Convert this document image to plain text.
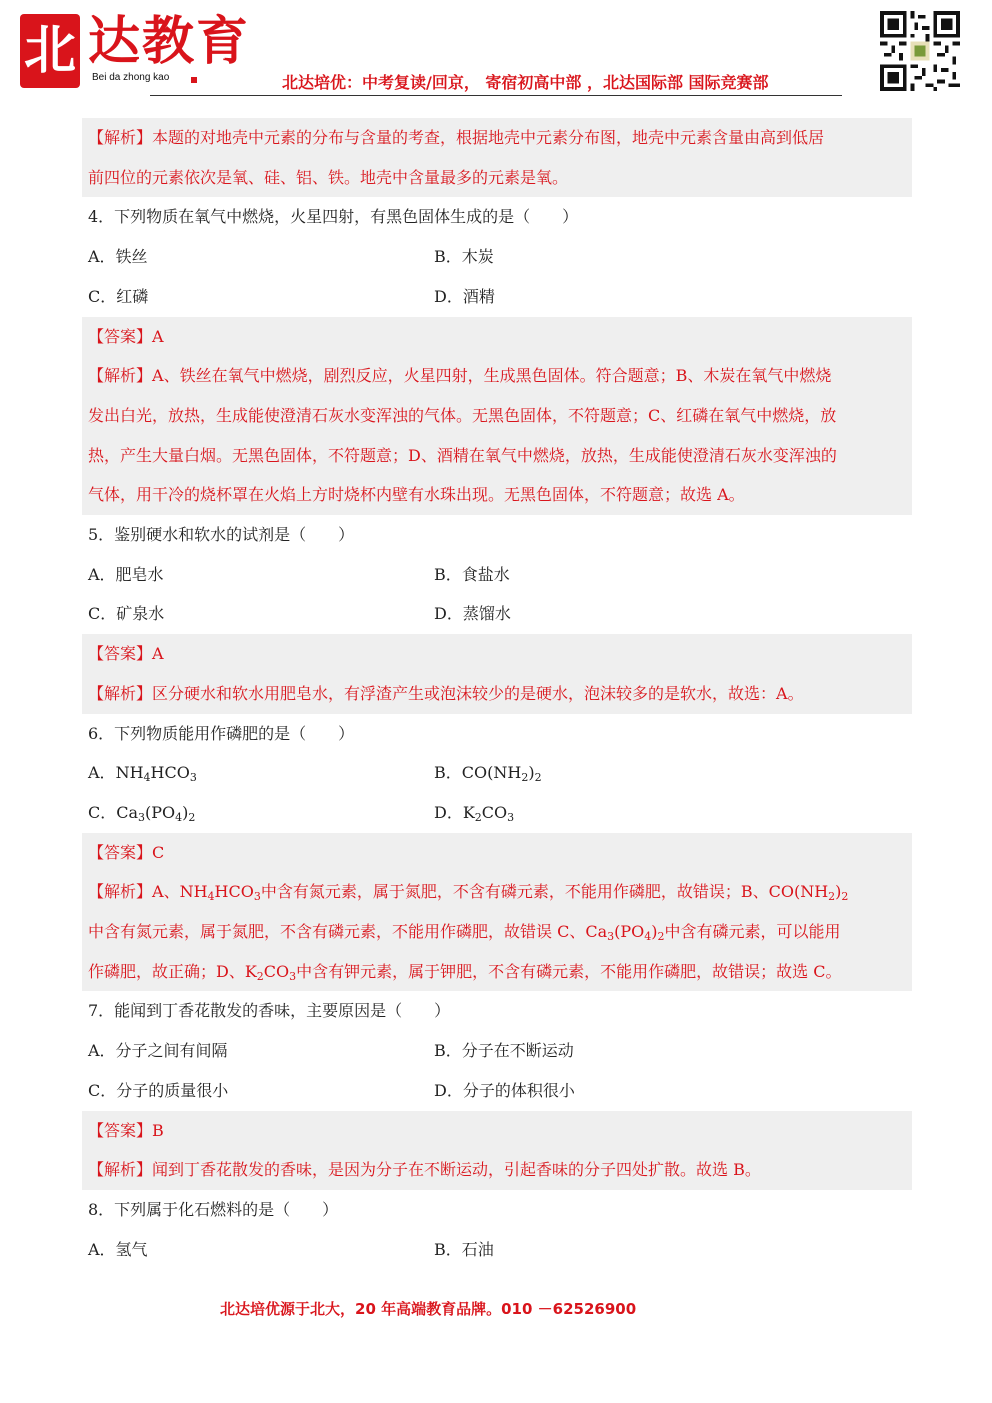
北 达教育
Bei da zhong kao	北达培优：中考复读/回京， 寄宿初高中部 ，北达国际部 国际竞赛部
【解析】本题的对地壳中元素的分布与含量的考查，根据地壳中元素分布图，地壳中元素含量由高到低居
前四位的元素依次是氧、硅、铝、铁。地壳中含量最多的元素是氧。
4．下列物质在氧气中燃烧，火星四射，有黑色固体生成的是（　　）
A．铁丝	B．木炭
C．红磷	D．酒精
【答案】A
【解析】A、铁丝在氧气中燃烧，剧烈反应，火星四射，生成黑色固体。符合题意；B、木炭在氧气中燃烧
发出白光，放热，生成能使澄清石灰水变浑浊的气体。无黑色固体，不符题意；C、红磷在氧气中燃烧，放
热，产生大量白烟。无黑色固体，不符题意；D、酒精在氧气中燃烧，放热，生成能使澄清石灰水变浑浊的
气体，用干冷的烧杯罩在火焰上方时烧杯内壁有水珠出现。无黑色固体，不符题意；故选 A。
5．鉴别硬水和软水的试剂是（　　）
A．肥皂水	B．食盐水
C．矿泉水	D．蒸馏水
【答案】A
【解析】区分硬水和软水用肥皂水，有浮渣产生或泡沫较少的是硬水，泡沫较多的是软水，故选：A。
6．下列物质能用作磷肥的是（　　）
A．$NH_4HCO_3$	B．$CO(NH_2)_2$
C．$Ca_3(PO_4)_2$	D．$K_2CO_3$
【答案】C
【解析】A、$NH_4HCO_3$中含有氮元素，属于氮肥，不含有磷元素，不能用作磷肥，故错误；B、$CO(NH_2)_2$
中含有氮元素，属于氮肥，不含有磷元素，不能用作磷肥，故错误 C、$Ca_3(PO_4)_2$中含有磷元素，可以能用
作磷肥，故正确；D、$K_2CO_3$中含有钾元素，属于钾肥，不含有磷元素，不能用作磷肥，故错误；故选 C。
7．能闻到丁香花散发的香味，主要原因是（　　）
A．分子之间有间隔	B．分子在不断运动
C．分子的质量很小	D．分子的体积很小
【答案】B
【解析】闻到丁香花散发的香味，是因为分子在不断运动，引起香味的分子四处扩散。故选 B。
8．下列属于化石燃料的是（　　）
A．氢气	B．石油
北达培优源于北大，20 年高端教育品牌。010 －62526900
